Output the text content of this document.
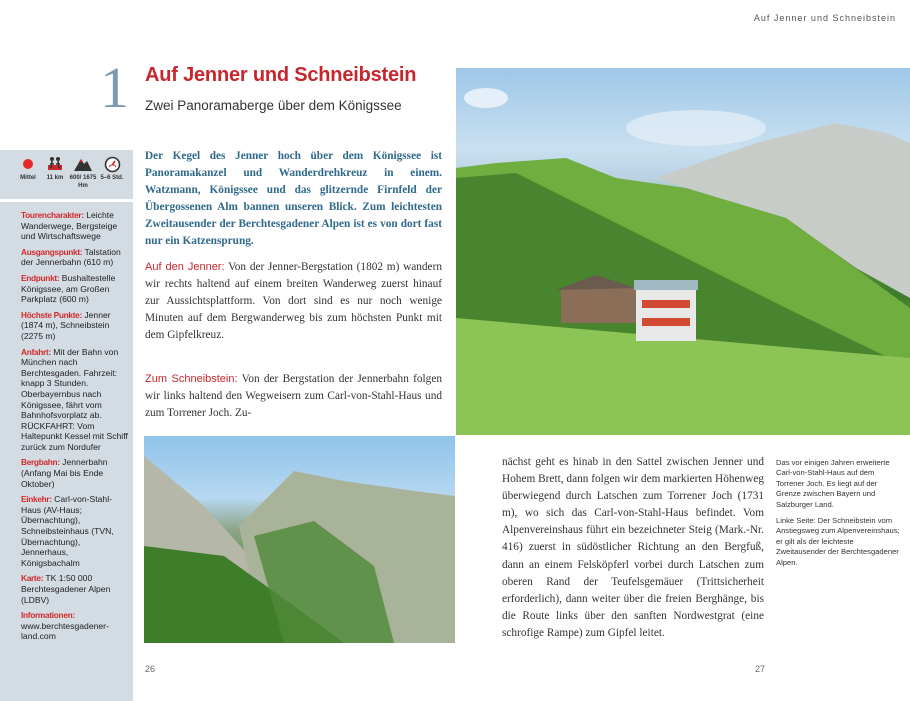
Auf Jenner und Schneibstein
1 Auf Jenner und Schneibstein
Zwei Panoramaberge über dem Königssee
Mittel	11 km	600/ 1675 Hm
5–6 Std.

Tourencharakter: Leichte Wanderwege, Bergsteige und Wirtschaftswege

Ausgangspunkt: Talstation der Jennerbahn (610 m)

Endpunkt: Bushaltestelle Königssee, am Großen Parkplatz (600 m)

Höchste Punkte: Jenner (1874 m), Schneibstein (2275 m)

Anfahrt: Mit der Bahn von München nach Berchtesgaden. Fahrzeit: knapp 3 Stunden. Oberbayernbus nach Königssee, fährt vom Bahnhofsvorplatz ab. RÜCKFAHRT: Vom Haltepunkt Kessel mit Schiff zurück zum Nordufer

Bergbahn: Jennerbahn (Anfang Mai bis Ende Oktober)

Einkehr: Carl-von-Stahl-Haus (AV-Haus; Übernachtung), Schneibsteinhaus (TVN, Übernachtung), Jennerhaus, Königsbachalm

Karte: TK 1:50 000 Berchtesgadener Alpen (LDBV)

Informationen: www.berchtesgadener-land.com

Der Kegel des Jenner hoch über dem Königssee ist Panoramakanzel und Wanderdrehkreuz in einem. Watzmann, Königssee und das glitzernde Firnfeld der Übergossenen Alm bannen unseren Blick. Zum leichtesten Zweitausender der Berchtesgadener Alpen ist es von dort fast nur ein Katzensprung.
Auf den Jenner: Von der Jenner-Bergstation (1802 m) wandern wir rechts haltend auf einem breiten Wanderweg zuerst hinauf zur Aussichtsplattform. Von dort sind es nur noch wenige Minuten auf dem Bergwanderweg bis zum höchsten Punkt mit dem Gipfelkreuz.
Zum Schneibstein: Von der Bergstation der Jennerbahn folgen wir links haltend den Wegweisern zum Carl-von-Stahl-Haus und zum Torrener Joch. Zu-
nächst geht es hinab in den Sattel zwischen Jenner und Hohem Brett, dann folgen wir dem markierten Höhenweg überwiegend durch Latschen zum Torrener Joch (1731 m), wo sich das Carl-von-Stahl-Haus befindet. Vom Alpenvereinshaus führt ein bezeichneter Steig (Mark.-Nr. 416) zuerst in südöstlicher Richtung an den Bergfuß, dann an einem Felsköpferl vorbei durch Latschen zum oberen Rand der Teufelsgemäuer (Trittsicherheit erforderlich), dann weiter über die freien Berghänge, bis die Route links über den sanften Nordwestgrat (eine schrofige Rampe) zum Gipfel leitet.

Das vor einigen Jahren erweiterte Carl-von-Stahl-Haus auf dem Torrener Joch. Es liegt auf der Grenze zwischen Bayern und Salzburger Land.

Linke Seite: Der Schneibstein vom Anstiegsweg zum Alpenvereinshaus; er gilt als der leichteste Zweitausender der Berchtesgadener Alpen.

26	27
